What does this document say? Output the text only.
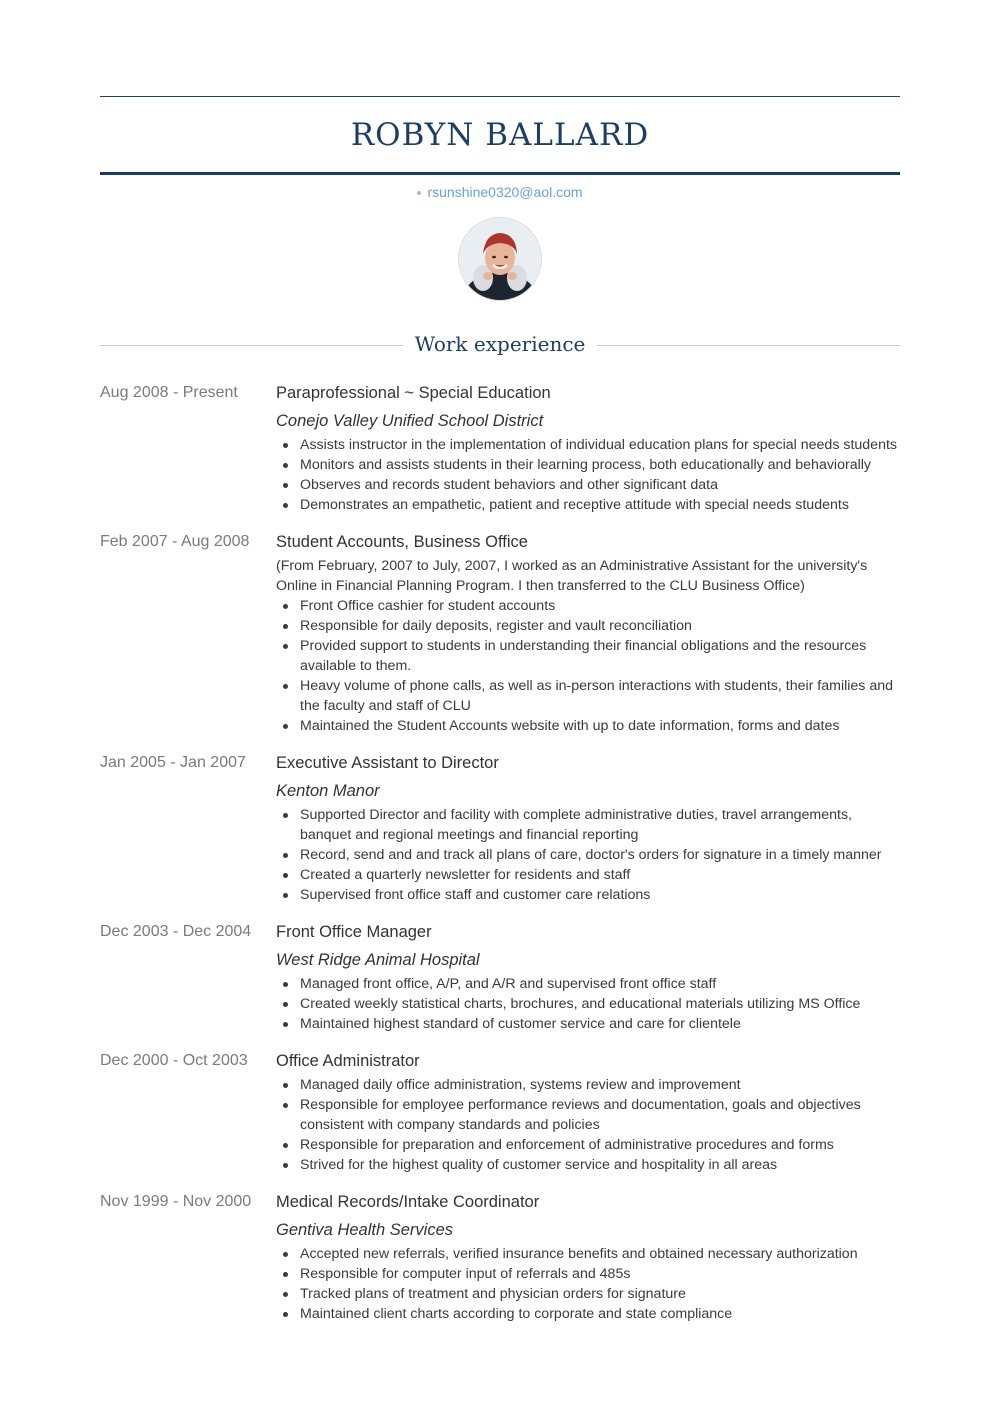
ROBYN BALLARD
rsunshine0320@aol.com
Work experience
Aug 2008 - Present	Paraprofessional ~ Special Education
Conejo Valley Unified School District
Assists instructor in the implementation of individual education plans for special needs students
Monitors and assists students in their learning process, both educationally and behaviorally
Observes and records student behaviors and other significant data
Demonstrates an empathetic, patient and receptive attitude with special needs students
Feb 2007 - Aug 2008	Student Accounts, Business Office
(From February, 2007 to July, 2007, I worked as an Administrative Assistant for the university's Online in Financial Planning Program. I then transferred to the CLU Business Office)
Front Office cashier for student accounts
Responsible for daily deposits, register and vault reconciliation
Provided support to students in understanding their financial obligations and the resources available to them.
Heavy volume of phone calls, as well as in-person interactions with students, their families and the faculty and staff of CLU
Maintained the Student Accounts website with up to date information, forms and dates
Jan 2005 - Jan 2007	Executive Assistant to Director
Kenton Manor
Supported Director and facility with complete administrative duties, travel arrangements, banquet and regional meetings and financial reporting
Record, send and and track all plans of care, doctor's orders for signature in a timely manner
Created a quarterly newsletter for residents and staff
Supervised front office staff and customer care relations
Dec 2003 - Dec 2004	Front Office Manager
West Ridge Animal Hospital
Managed front office, A/P, and A/R and supervised front office staff
Created weekly statistical charts, brochures, and educational materials utilizing MS Office
Maintained highest standard of customer service and care for clientele
Dec 2000 - Oct 2003	Office Administrator
Managed daily office administration, systems review and improvement
Responsible for employee performance reviews and documentation, goals and objectives consistent with company standards and policies
Responsible for preparation and enforcement of administrative procedures and forms
Strived for the highest quality of customer service and hospitality in all areas
Nov 1999 - Nov 2000	Medical Records/Intake Coordinator
Gentiva Health Services
Accepted new referrals, verified insurance benefits and obtained necessary authorization
Responsible for computer input of referrals and 485s
Tracked plans of treatment and physician orders for signature
Maintained client charts according to corporate and state compliance
